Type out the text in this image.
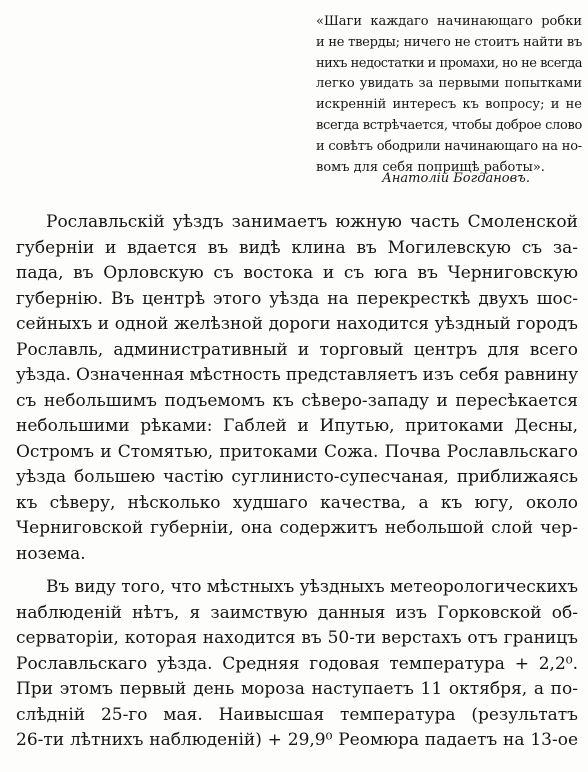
«Шаги каждаго начинающаго робки
и не тверды; ничего не стоитъ найти въ
нихъ недостатки и промахи, но не всегда
легко увидать за первыми попытками
искренній интересъ къ вопросу; и не
всегда встрѣчается, чтобы доброе слово
и совѣтъ ободрили начинающаго на но-
вомъ для себя поприщѣ работы».
Анатолій Богдановъ.

Рославльскій уѣздъ занимаетъ южную часть Смоленской
губерніи и вдается въ видѣ клина въ Могилевскую съ за-
пада, въ Орловскую съ востока и съ юга въ Черниговскую
губернію. Въ центрѣ этого уѣзда на перекресткѣ двухъ шос-
сейныхъ и одной желѣзной дороги находится уѣздный городъ
Рославль, административный и торговый центръ для всего
уѣзда. Означенная мѣстность представляетъ изъ себя равнину
съ небольшимъ подъемомъ къ сѣверо-западу и пересѣкается
небольшими рѣками: Габлей и Ипутью, притоками Десны,
Остромъ и Стомятью, притоками Сожа. Почва Рославльскаго
уѣзда большею частію суглинисто-супесчаная, приближаясь
къ сѣверу, нѣсколько худшаго качества, а къ югу, около
Черниговской губерніи, она содержитъ небольшой слой чер-
нозема.

Въ виду того, что мѣстныхъ уѣздныхъ метеорологическихъ
наблюденій нѣтъ, я заимствую данныя изъ Горковской об-
серваторіи, которая находится въ 50-ти верстахъ отъ границъ
Рославльскаго уѣзда. Средняя годовая температура + 2,2⁰.
При этомъ первый день мороза наступаетъ 11 октября, а по-
слѣдній 25-го мая. Наивысшая температура (результатъ
26-ти лѣтнихъ наблюденій) + 29,9⁰ Реомюра падаетъ на 13-ое
